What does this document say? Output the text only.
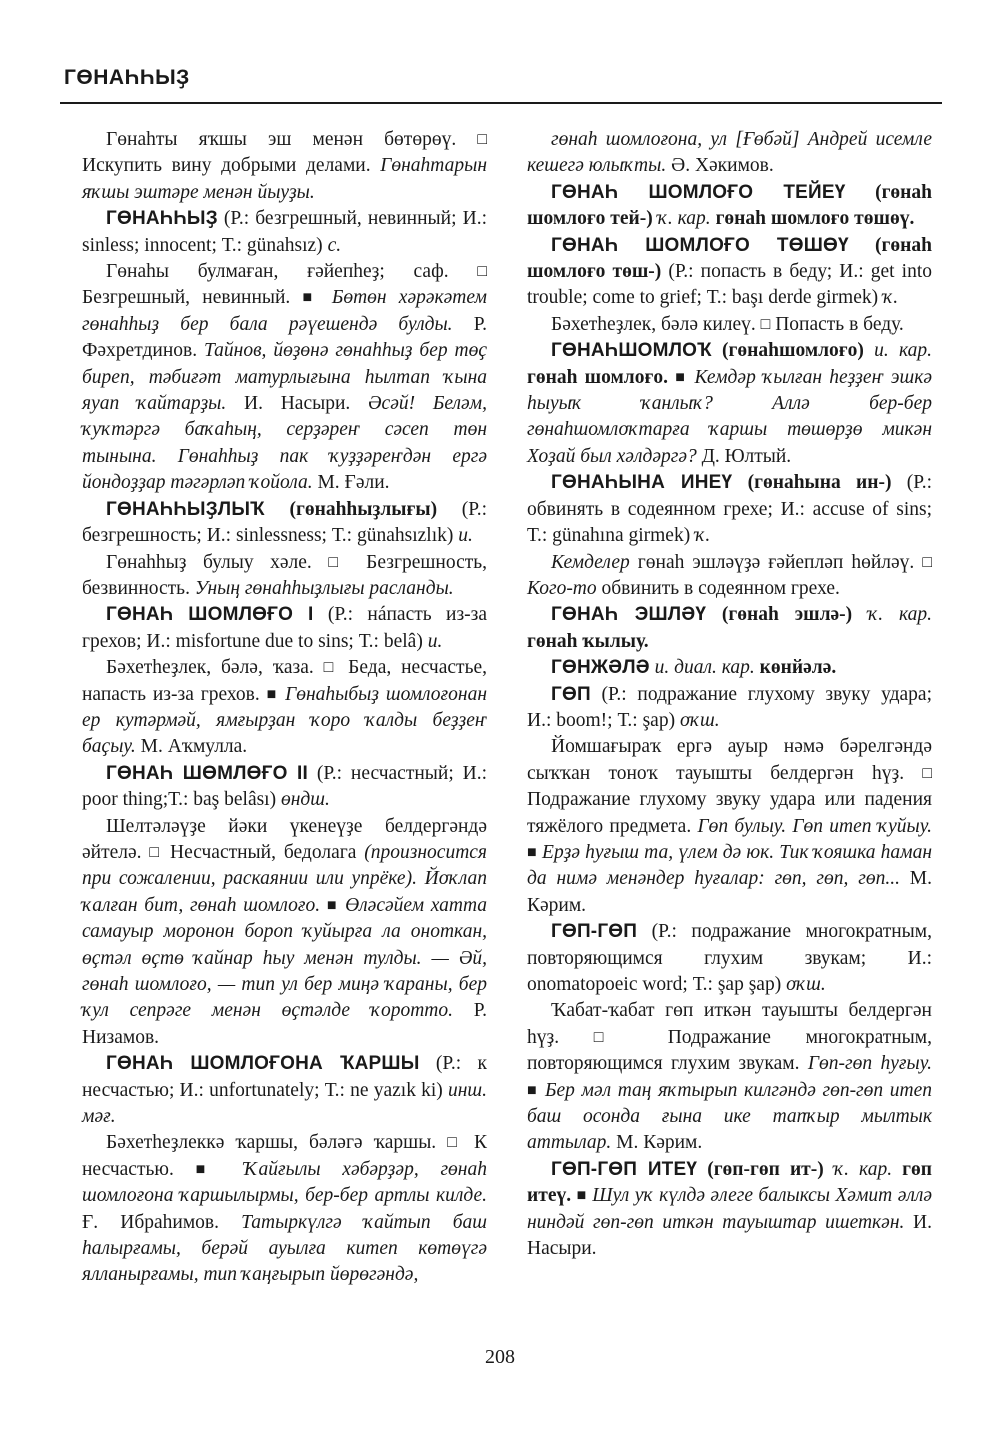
ГӨНАҺҺЫҘ

Гөнаһты яҡшы эш менән бөтөрөү. □ Искупить вину добрыми делами. Гөнаһтарын яҡшы эштәре менән йыуҙы.

ГӨНАҺҺЫҘ (Р.: безгрешный, невинный; И.: sinless; innocent; Т.: günahsız) с.

Гөнаһы булмаған, ғәйепһеҙ; саф. □ Безгрешный, невинный. ■ Бөтөн хәрәкәтем гөнаһһыҙ бер бала рәүешендә булды. Р. Фәхретдинов. Тайнов, йөҙөнә гөнаһһыҙ бер төҫ биреп, тәбиғәт матурлығына һылтап ҡына яуап ҡайтарҙы. И. Насыри. Әсәй! Беләм, ҡуҡтәргә баҡаһың, серҙәреҥ сәсеп төн тынына. Гөнаһһыҙ пак ҡуҙҙәреҥдән ергә йондоҙҙар тәгәрләп ҡойола. М. Ғәли.

ГӨНАҺҺЫҘЛЫҠ (гөнаһһыҙлығы) (Р.: безгрешность; И.: sinlessness; Т.: günahsızlık) и.

Гөнаһһыҙ булыу хәле. □ Безгрешность, безвинность. Уның гөнаһһыҙлығы расланды.

ГӨНАҺ ШОМЛӨҒО I (Р.: нáпасть из-за грехов; И.: misfortune due to sins; Т.: belâ) и.

Бәхетһеҙлек, бәлә, ҡаза. □ Беда, несчастье, напасть из-за грехов. ■ Гөнаһыбыҙ шомлоғонан ер кутәрмәй, ямғырҙан ҡоро ҡалды беҙҙеҥ баҫыу. М. Аҡмулла.

ГӨНАҺ ШӨМЛӨҒО II (Р.: несчастный; И.: poor thing;Т.: baş belâsı) өндш.

Шелтәләүҙе йәки үкенеүҙе белдергәндә әйтелә. □ Несчастный, бедолага (произносится при сожалении, раскаянии или упрёке). Йоҡлап ҡалған бит, гөнаһ шомлоғо. ■ Өләсәйем хатта самауыр моронон бороп ҡуйырға ла оноткан, өҫтәл өҫтө ҡайнар һыу менән тулды. — Әй, гөнаһ шомлоғо, — тип ул бер миңә ҡараны, бер ҡул сепрәге менән өҫтәлде ҡоротто. Р. Низамов.

ГӨНАҺ ШОМЛОҒОНА ҠАРШЫ (Р.: к несчастью; И.: unfortunately; Т.: ne yazık ki) инш. мәғ.

Бәхетһеҙлеккә ҡаршы, бәләгә ҡаршы. □ К несчастью. ■ Ҡайғылы хәбәрҙәр, гөнаһ шомлоғона ҡаршылырмы, бер-бер артлы килде. Ғ. Ибраһимов. Татыркүлгә ҡайтып баш һалырғамы, берәй ауылға китеп көтөүгә ялланырғамы, тип ҡаңғырып йөрөгәндә,

гөнаһ шомлоғона, ул [Ғөбәй] Андрей исемле кешегә юлыҡты. Ә. Хәкимов.

ГӨНАҺ ШОМЛОҒО ТЕЙЕҮ (гөнаһ шомлоғо тей-) ҡ. кар. гөнаһ шомлоғо төшөү.

ГӨНАҺ ШОМЛОҒО ТӨШӨҮ (гөнаһ шомлоғо төш-) (Р.: попасть в беду; И.: get into trouble; come to grief; Т.: başı derde girmek) ҡ.

Бәхетһеҙлек, бәлә килеү. □ Попасть в беду.

ГӨНАҺШОМЛОҠ (гөнаһшомлоғо) и. кар. гөнаһ шомлоғо. ■ Кемдәр ҡылған һеҙҙеҥ эшкә һыуыҡ ҡанлыҡ? Аллә бер-бер гөнаһшомлоҡтарға ҡаршы төшөрҙө микән Хоҙай был хәлдәргә? Д. Юлтый.

ГӨНАҺЫНА ИНЕҮ (гөнаһына ин-) (Р.: обвинять в содеянном грехе; И.: accuse of sins; Т.: günahına girmek) ҡ.

Кемделер гөнаһ эшләүҙә ғәйепләп һөйләү. □ Кого-то обвинить в содеянном грехе.

ГӨНАҺ ЭШЛӘҮ (гөнаһ эшлә-) ҡ. кар. гөнаһ ҡылыу.

ГӨНЖӘЛӘ и. диал. кар. көнйәлә.

ГӨП (Р.: подражание глухому звуку удара; И.: boom!; Т.: şap) оҡш.

Йомшағыраҡ ергә ауыр нәмә бәрелгәндә сыҡҡан тоноҡ тауышты белдергән һүҙ. □ Подражание глухому звуку удара или падения тяжёлого предмета. Гөп булыу. Гөп итеп ҡуйыу. ■ Ерҙә һуғыш та, үлем дә юк. Тик ҡояшка һаман да нимә менәндер һуғалар: гөп, гөп, гөп... М. Кәрим.

ГӨП-ГӨП (Р.: подражание многократным, повторяющимся глухим звукам; И.: onomatopoeic word; Т.: şap şap) оҡш.

Ҡабат-ҡабат гөп иткән тауышты белдергән һүҙ. □ Подражание многократным, повторяющимся глухим звукам. Гөп-гөп һуғыу. ■ Бер мәл таң яҡтырып килгәндә гөп-гөп итеп баш осонда ғына ике тапҡыр мылтык аттылар. М. Кәрим.

ГӨП-ГӨП ИТЕҮ (гөп-гөп ит-) ҡ. кар. гөп итеү. ■ Шул уҡ күлдә әлеге балыксы Хәмит әллә ниндәй гөп-гөп иткән тауыштар ишеткән. И. Насыри.

208
